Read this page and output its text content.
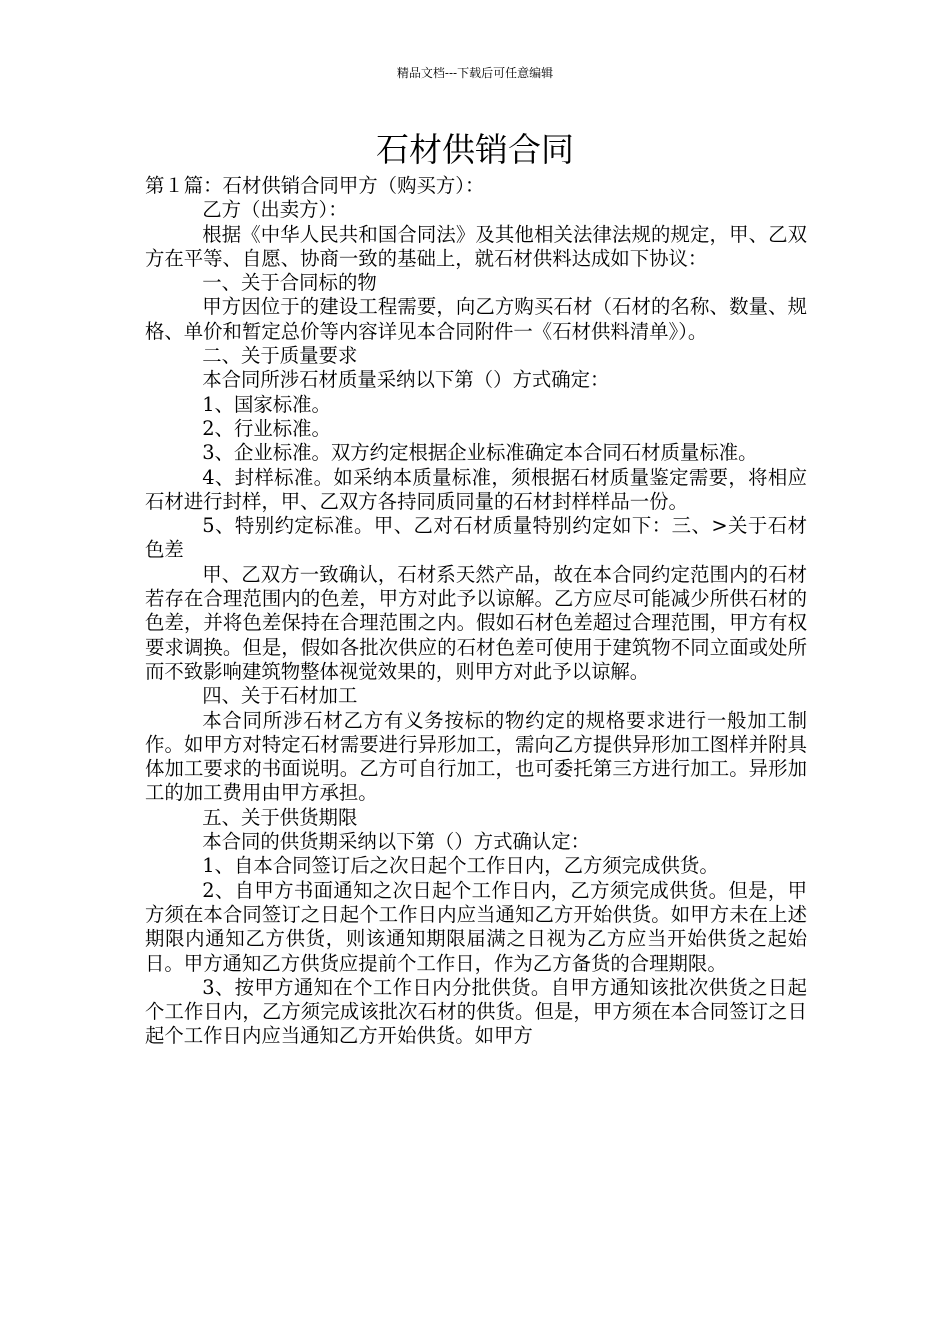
精品文档---下载后可任意编辑
石材供销合同

第１篇：石材供销合同甲方（购买方）：

乙方（出卖方）：

根据《中华人民共和国合同法》及其他相关法律法规的规定，甲、乙双方在平等、自愿、协商一致的基础上，就石材供料达成如下协议：

一、关于合同标的物

甲方因位于的建设工程需要，向乙方购买石材（石材的名称、数量、规格、单价和暂定总价等内容详见本合同附件一《石材供料清单》）。

二、关于质量要求

本合同所涉石材质量采纳以下第（）方式确定：

1、国家标准。

2、行业标准。

3、企业标准。双方约定根据企业标准确定本合同石材质量标准。

4、封样标准。如采纳本质量标准，须根据石材质量鉴定需要，将相应石材进行封样，甲、乙双方各持同质同量的石材封样样品一份。

5、特别约定标准。甲、乙对石材质量特别约定如下：三、>关于石材色差

甲、乙双方一致确认，石材系天然产品，故在本合同约定范围内的石材若存在合理范围内的色差，甲方对此予以谅解。乙方应尽可能减少所供石材的色差，并将色差保持在合理范围之内。假如石材色差超过合理范围，甲方有权要求调换。但是，假如各批次供应的石材色差可使用于建筑物不同立面或处所而不致影响建筑物整体视觉效果的，则甲方对此予以谅解。

四、关于石材加工

本合同所涉石材乙方有义务按标的物约定的规格要求进行一般加工制作。如甲方对特定石材需要进行异形加工，需向乙方提供异形加工图样并附具体加工要求的书面说明。乙方可自行加工，也可委托第三方进行加工。异形加工的加工费用由甲方承担。

五、关于供货期限

本合同的供货期采纳以下第（）方式确认定：

1、自本合同签订后之次日起个工作日内，乙方须完成供货。

2、自甲方书面通知之次日起个工作日内，乙方须完成供货。但是，甲方须在本合同签订之日起个工作日内应当通知乙方开始供货。如甲方未在上述期限内通知乙方供货，则该通知期限届满之日视为乙方应当开始供货之起始日。甲方通知乙方供货应提前个工作日，作为乙方备货的合理期限。

3、按甲方通知在个工作日内分批供货。自甲方通知该批次供货之日起个工作日内，乙方须完成该批次石材的供货。但是，甲方须在本合同签订之日起个工作日内应当通知乙方开始供货。如甲方
